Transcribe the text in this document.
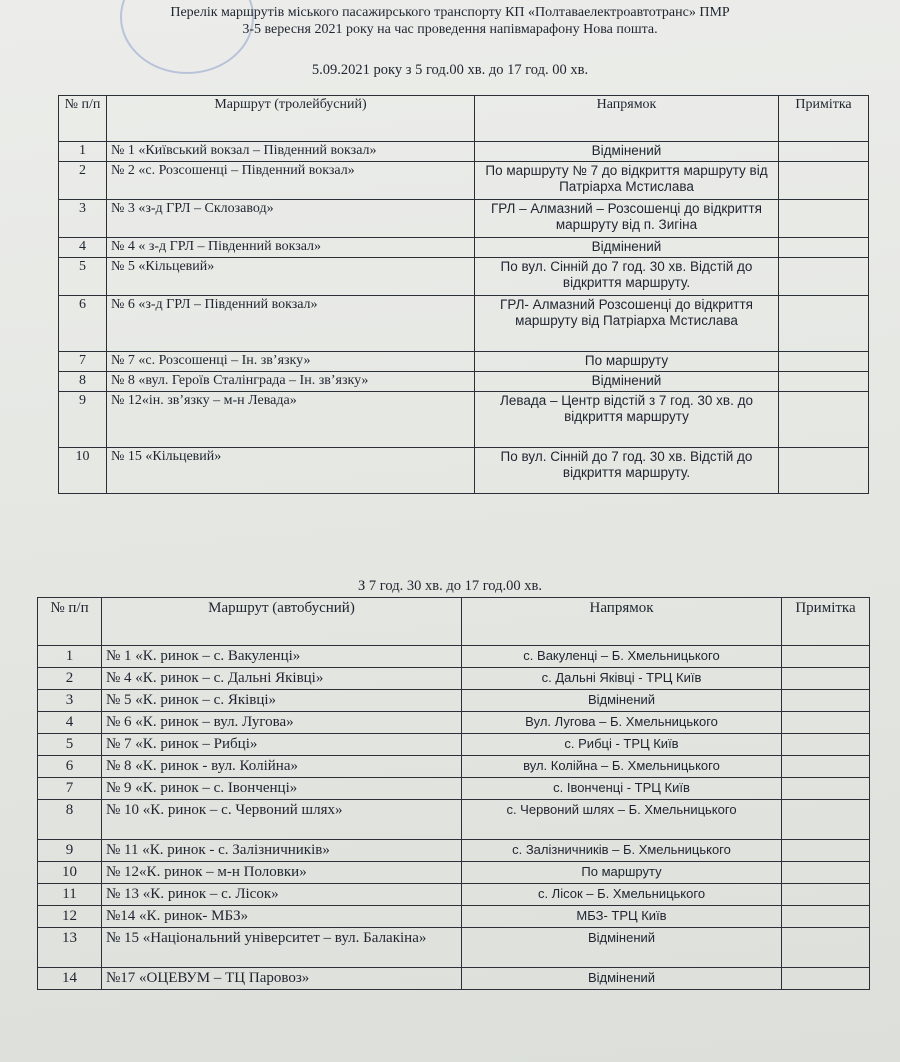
Перелік маршрутів міського пасажирського транспорту КП «Полтаваелектроавтотранс» ПМР
3-5 вересня 2021 року на час проведення напівмарафону Нова пошта.
5.09.2021 року з 5 год.00 хв. до 17 год. 00 хв.
№ п/п	Маршрут (тролейбусний)	Напрямок	Примітка
1	№ 1 «Київський вокзал – Південний вокзал»	Відмінений	
2	№ 2 «с. Розсошенці – Південний вокзал»	По маршруту № 7 до відкриття маршруту від Патріарха Мстислава	
3	№ 3 «з-д ГРЛ – Склозавод»	ГРЛ – Алмазний – Розсошенці до відкриття маршруту від п. Зигіна	
4	№ 4 « з-д ГРЛ – Південний вокзал»	Відмінений	
5	№ 5 «Кільцевий»	По вул. Сінній до 7 год. 30 хв. Відстій до відкриття маршруту.	
6	№ 6 «з-д ГРЛ – Південний вокзал»	ГРЛ- Алмазний Розсошенці до відкриття маршруту від Патріарха Мстислава	
7	№ 7 «с. Розсошенці – Ін. зв’язку»	По маршруту	
8	№ 8 «вул. Героїв Сталінграда – Ін. зв’язку»	Відмінений	
9	№ 12«ін. зв’язку – м-н Левада»	Левада – Центр відстій з 7 год. 30 хв. до відкриття маршруту	
10	№ 15 «Кільцевий»	По вул. Сінній до 7 год. 30 хв. Відстій до відкриття маршруту.	
З 7 год. 30 хв. до 17 год.00 хв.
№ п/п	Маршрут (автобусний)	Напрямок	Примітка
1	№ 1 «К. ринок – с. Вакуленці»	с. Вакуленці – Б. Хмельницького	
2	№ 4 «К. ринок – с. Дальні Яківці»	с. Дальні Яківці - ТРЦ Київ	
3	№ 5 «К. ринок – с. Яківці»	Відмінений	
4	№ 6 «К. ринок – вул. Лугова»	Вул. Лугова – Б. Хмельницького	
5	№ 7 «К. ринок – Рибці»	с. Рибці - ТРЦ Київ	
6	№ 8 «К. ринок - вул. Колійна»	вул. Колійна – Б. Хмельницького	
7	№ 9 «К. ринок – с. Івонченці»	с. Івонченці - ТРЦ Київ	
8	№ 10 «К. ринок – с. Червоний шлях»	с. Червоний шлях – Б. Хмельницького	
9	№ 11 «К. ринок - с. Залізничників»	с. Залізничників – Б. Хмельницького	
10	№ 12«К. ринок – м-н Половки»	По маршруту	
11	№ 13 «К. ринок – с. Лісок»	с. Лісок – Б. Хмельницького	
12	№14 «К. ринок- МБЗ»	МБЗ- ТРЦ Київ	
13	№ 15 «Національний університет – вул. Балакіна»	Відмінений	
14	№17 «ОЦЕВУМ – ТЦ Паровоз»	Відмінений	
